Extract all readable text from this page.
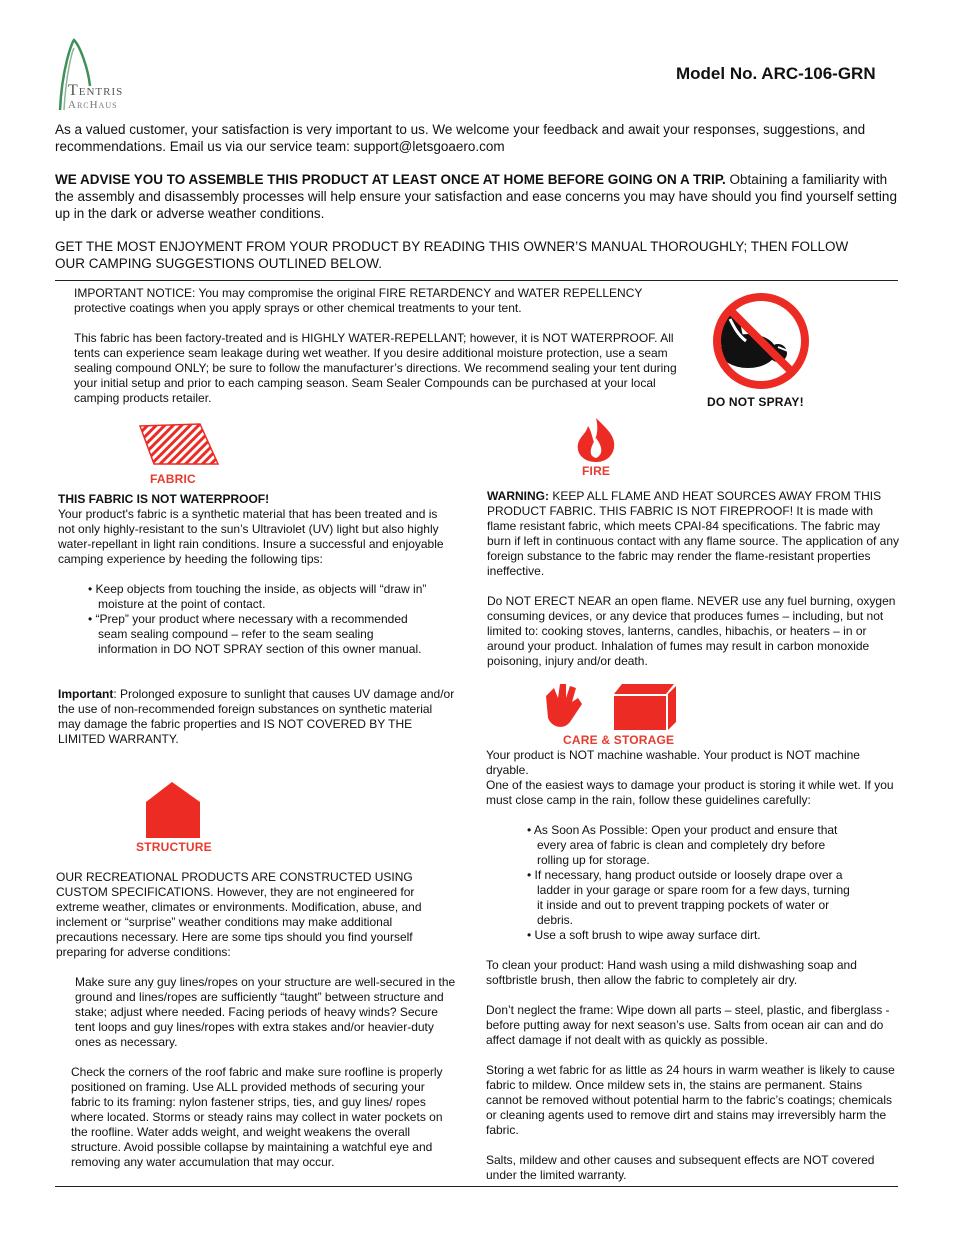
Tentris
ArcHaus
Model No. ARC-106-GRN

As a valued customer, your satisfaction is very important to us. We welcome your feedback and await your responses, suggestions, and recommendations. Email us via our service team: support@letsgoaero.com

WE ADVISE YOU TO ASSEMBLE THIS PRODUCT AT LEAST ONCE AT HOME BEFORE GOING ON A TRIP. Obtaining a familiarity with the assembly and disassembly processes will help ensure your satisfaction and ease concerns you may have should you find yourself setting up in the dark or adverse weather conditions.

GET THE MOST ENJOYMENT FROM YOUR PRODUCT BY READING THIS OWNER’S MANUAL THOROUGHLY; THEN FOLLOW OUR CAMPING SUGGESTIONS OUTLINED BELOW.

IMPORTANT NOTICE: You may compromise the original FIRE RETARDENCY and WATER REPELLENCY protective coatings when you apply sprays or other chemical treatments to your tent.

This fabric has been factory-treated and is HIGHLY WATER-REPELLANT; however, it is NOT WATERPROOF. All tents can experience seam leakage during wet weather. If you desire additional moisture protection, use a seam sealing compound ONLY; be sure to follow the manufacturer’s directions. We recommend sealing your tent during your initial setup and prior to each camping season. Seam Sealer Compounds can be purchased at your local camping products retailer.	DO NOT SPRAY!
FABRIC

THIS FABRIC IS NOT WATERPROOF!

Your product's fabric is a synthetic material that has been treated and is not only highly-resistant to the sun’s Ultraviolet (UV) light but also highly water-repellant in light rain conditions. Insure a successful and enjoyable camping experience by heeding the following tips:

• Keep objects from touching the inside, as objects will “draw in” moisture at the point of contact.
• “Prep” your product where necessary with a recommended seam sealing compound – refer to the seam sealing information in DO NOT SPRAY section of this owner manual.

Important: Prolonged exposure to sunlight that causes UV damage and/or the use of non-recommended foreign substances on synthetic material may damage the fabric properties and IS NOT COVERED BY THE LIMITED WARRANTY.

STRUCTURE

OUR RECREATIONAL PRODUCTS ARE CONSTRUCTED USING CUSTOM SPECIFICATIONS. However, they are not engineered for extreme weather, climates or environments. Modification, abuse, and inclement or “surprise” weather conditions may make additional precautions necessary. Here are some tips should you find yourself preparing for adverse conditions:

Make sure any guy lines/ropes on your structure are well-secured in the ground and lines/ropes are sufficiently “taught” between structure and stake; adjust where needed. Facing periods of heavy winds? Secure tent loops and guy lines/ropes with extra stakes and/or heavier-duty ones as necessary.

Check the corners of the roof fabric and make sure roofline is properly positioned on framing. Use ALL provided methods of securing your fabric to its framing: nylon fastener strips, ties, and guy lines/ ropes where located. Storms or steady rains may collect in water pockets on the roofline. Water adds weight, and weight weakens the overall structure. Avoid possible collapse by maintaining a watchful eye and removing any water accumulation that may occur.

FIRE

WARNING: KEEP ALL FLAME AND HEAT SOURCES AWAY FROM THIS PRODUCT FABRIC. THIS FABRIC IS NOT FIREPROOF! It is made with flame resistant fabric, which meets CPAI-84 specifications. The fabric may burn if left in continuous contact with any flame source. The application of any foreign substance to the fabric may render the flame-resistant properties ineffective.

Do NOT ERECT NEAR an open flame. NEVER use any fuel burning, oxygen consuming devices, or any device that produces fumes – including, but not limited to: cooking stoves, lanterns, candles, hibachis, or heaters – in or around your product. Inhalation of fumes may result in carbon monoxide poisoning, injury and/or death.

CARE & STORAGE

Your product is NOT machine washable. Your product is NOT machine dryable.

One of the easiest ways to damage your product is storing it while wet. If you must close camp in the rain, follow these guidelines carefully:

• As Soon As Possible: Open your product and ensure that every area of fabric is clean and completely dry before rolling up for storage.
• If necessary, hang product outside or loosely drape over a ladder in your garage or spare room for a few days, turning it inside and out to prevent trapping pockets of water or debris.
• Use a soft brush to wipe away surface dirt.

To clean your product: Hand wash using a mild dishwashing soap and softbristle brush, then allow the fabric to completely air dry.

Don’t neglect the frame: Wipe down all parts – steel, plastic, and fiberglass - before putting away for next season’s use. Salts from ocean air can and do affect damage if not dealt with as quickly as possible.

Storing a wet fabric for as little as 24 hours in warm weather is likely to cause fabric to mildew. Once mildew sets in, the stains are permanent. Stains cannot be removed without potential harm to the fabric’s coatings; chemicals or cleaning agents used to remove dirt and stains may irreversibly harm the fabric.

Salts, mildew and other causes and subsequent effects are NOT covered under the limited warranty.
